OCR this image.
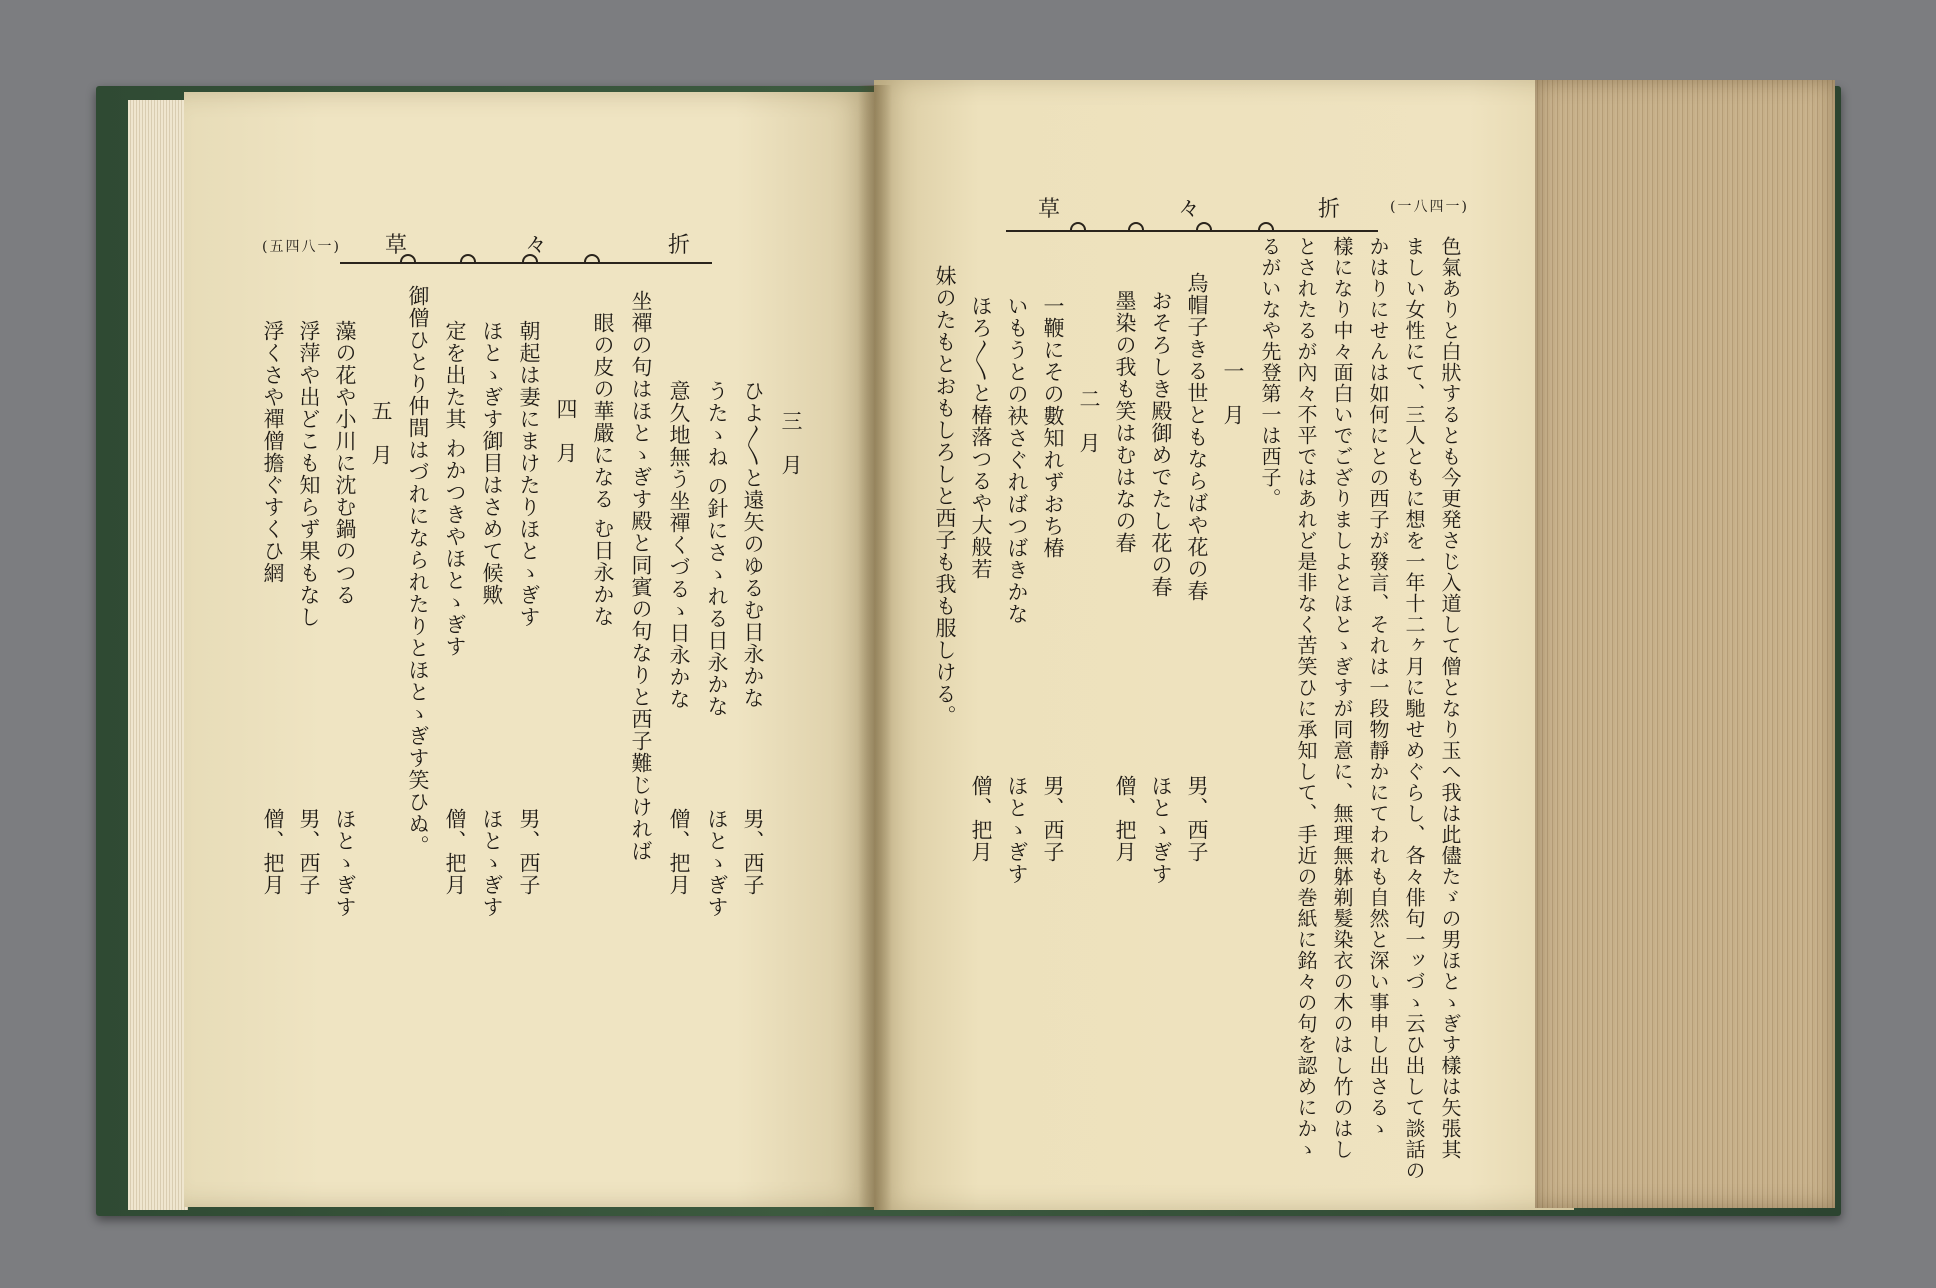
(五四八一) 草	々	折
草	々	折	(一八四一)
三　月
ひよ〳〵と遠矢のゆるむ日永かな
うたゝね の針にさゝれる日永かな
意久地無う坐禪くづるゝ日永かな
坐禪の句はほとゝぎす殿と同賓の句なりと西子難じければ
眼の皮の華嚴になる む日永かな
四　月
朝起は妻にまけたりほとゝぎす
ほとゝぎす御目はさめて候歟
定を出た其 わかつきやほとゝぎす
御僧ひとり仲間はづれになられたりとほとゝぎす笑ひぬ。
五　月
藻の花や小川に沈む鍋のつる
浮萍や出どこも知らず果もなし
浮くさや禪僧擔ぐすくひ網
男、西子
ほとゝぎす
僧、把月
男、西子
ほとゝぎす
僧、把月
ほとゝぎす
男、西子
僧、把月	色氣ありと白狀するとも今更発さじ入道して僧となり玉へ我は此儘たゞの男ほとゝぎす樣は矢張其
ましい女性にて、三人ともに想を一年十二ヶ月に馳せめぐらし、各々俳句一ッづゝ云ひ出して談話の
かはりにせんは如何にとの西子が發言、それは一段物靜かにてわれも自然と深い事申し出さるゝ
樣になり中々面白いでござりましよとほとゝぎすが同意に、無理無躰剃髮染衣の木のはし竹のはし
とされたるが內々不平ではあれど是非なく苦笑ひに承知して、手近の巻紙に銘々の句を認めにかゝ
るがいなや先登第一は西子。
一　月
烏帽子きる世ともならばや花の春
おそろしき殿御めでたし花の春
墨染の我も笑はむはなの春
二　月
一鞭にその數知れずおち椿
いもうとの袂さぐればつばきかな
ほろ〳〵と椿落つるや大般若
妹のたもとおもしろしと西子も我も服しける。
男、西子
ほとゝぎす
僧、把月
男、西子
ほとゝぎす
僧、把月
